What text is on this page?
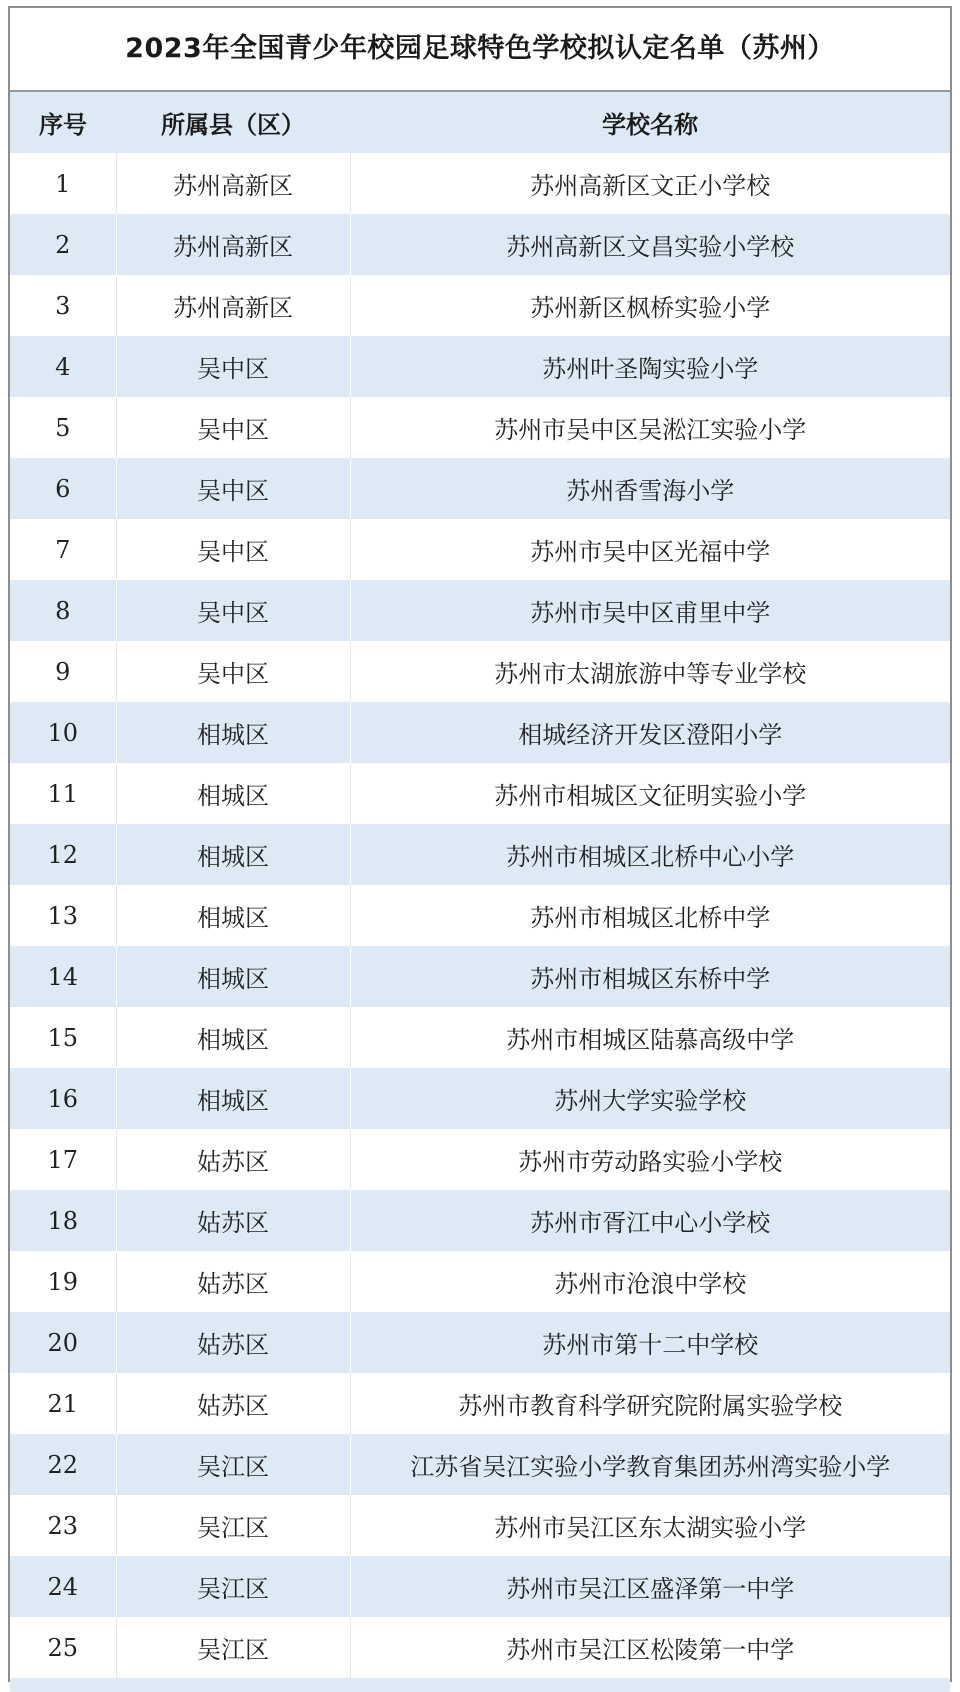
2023年全国青少年校园足球特色学校拟认定名单（苏州）
序号	所属县（区）	学校名称
1	苏州高新区	苏州高新区文正小学校
2	苏州高新区	苏州高新区文昌实验小学校
3	苏州高新区	苏州新区枫桥实验小学
4	吴中区	苏州叶圣陶实验小学
5	吴中区	苏州市吴中区吴淞江实验小学
6	吴中区	苏州香雪海小学
7	吴中区	苏州市吴中区光福中学
8	吴中区	苏州市吴中区甫里中学
9	吴中区	苏州市太湖旅游中等专业学校
10	相城区	相城经济开发区澄阳小学
11	相城区	苏州市相城区文征明实验小学
12	相城区	苏州市相城区北桥中心小学
13	相城区	苏州市相城区北桥中学
14	相城区	苏州市相城区东桥中学
15	相城区	苏州市相城区陆慕高级中学
16	相城区	苏州大学实验学校
17	姑苏区	苏州市劳动路实验小学校
18	姑苏区	苏州市胥江中心小学校
19	姑苏区	苏州市沧浪中学校
20	姑苏区	苏州市第十二中学校
21	姑苏区	苏州市教育科学研究院附属实验学校
22	吴江区	江苏省吴江实验小学教育集团苏州湾实验小学
23	吴江区	苏州市吴江区东太湖实验小学
24	吴江区	苏州市吴江区盛泽第一中学
25	吴江区	苏州市吴江区松陵第一中学
